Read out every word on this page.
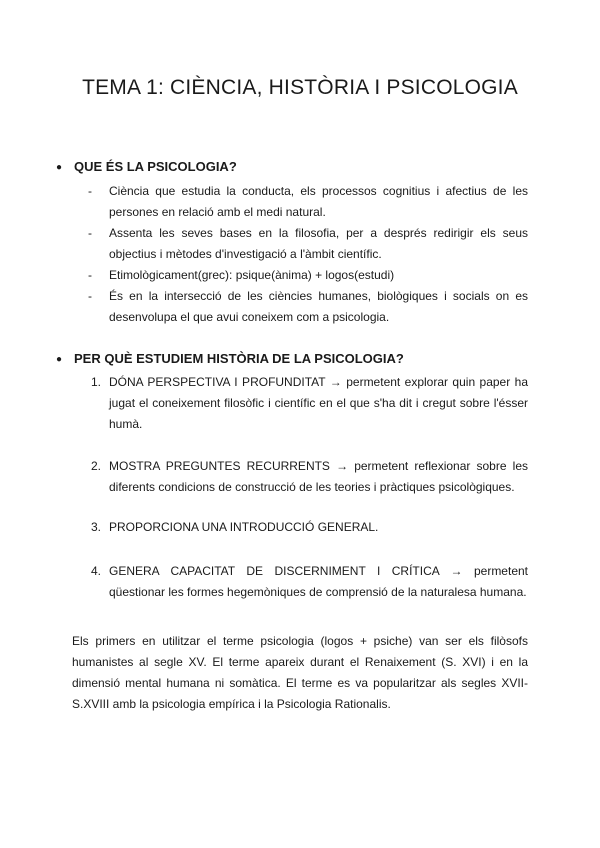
TEMA 1: CIÈNCIA, HISTÒRIA I PSICOLOGIA
● QUE ÉS LA PSICOLOGIA?
- Ciència que estudia la conducta, els processos cognitius i afectius de les persones en relació amb el medi natural.
- Assenta les seves bases en la filosofia, per a després redirigir els seus objectius i mètodes d'investigació a l'àmbit científic.
- Etimològicament(grec): psique(ànima) + logos(estudi)
- És en la intersecció de les ciències humanes, biològiques i socials on es desenvolupa el que avui coneixem com a psicologia.
● PER QUÈ ESTUDIEM HISTÒRIA DE LA PSICOLOGIA?
1. DÓNA PERSPECTIVA I PROFUNDITAT → permetent explorar quin paper ha jugat el coneixement filosòfic i científic en el que s'ha dit i cregut sobre l'ésser humà.
2. MOSTRA PREGUNTES RECURRENTS → permetent reflexionar sobre les diferents condicions de construcció de les teories i pràctiques psicològiques.
3. PROPORCIONA UNA INTRODUCCIÓ GENERAL.
4. GENERA CAPACITAT DE DISCERNIMENT I CRÍTICA → permetent qüestionar les formes hegemòniques de comprensió de la naturalesa humana.

Els primers en utilitzar el terme psicologia (logos + psiche) van ser els filòsofs humanistes al segle XV. El terme apareix durant el Renaixement (S. XVI) i en la dimensió mental humana ni somàtica. El terme es va popularitzar als segles XVII-S.XVIII amb la psicologia empírica i la Psicologia Rationalis.
